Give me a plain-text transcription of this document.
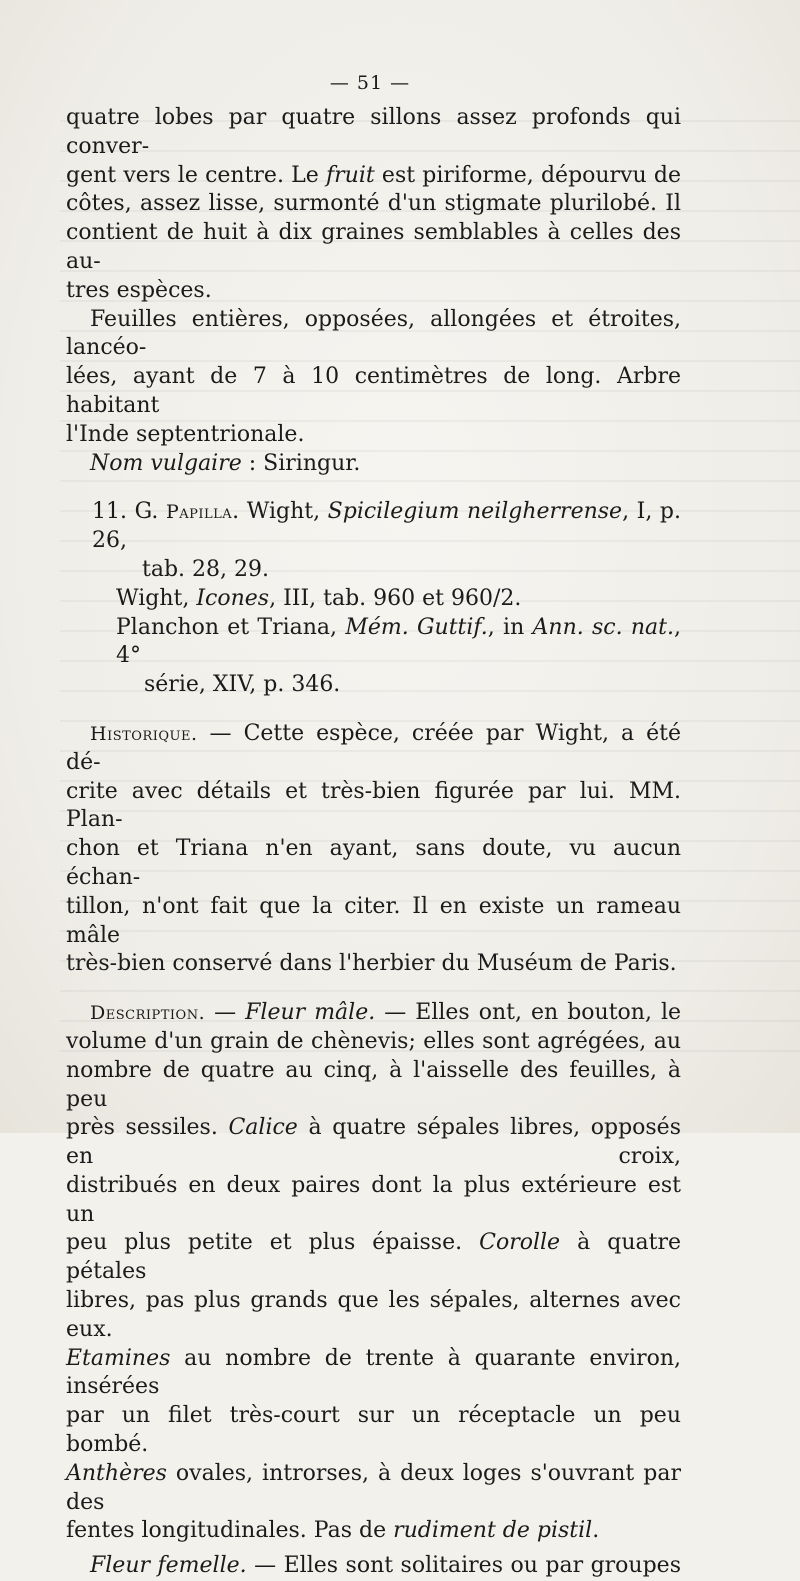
— 51 —

quatre lobes par quatre sillons assez profonds qui conver-

gent vers le centre. Le fruit est piriforme, dépourvu de

côtes, assez lisse, surmonté d'un stigmate plurilobé. Il

contient de huit à dix graines semblables à celles des au-

tres espèces.

Feuilles entières, opposées, allongées et étroites, lancéo-

lées, ayant de 7 à 10 centimètres de long. Arbre habitant

l'Inde septentrionale.

Nom vulgaire : Siringur.

11. G. Papilla. Wight, Spicilegium neilgherrense, I, p. 26,

tab. 28, 29.

Wight, Icones, III, tab. 960 et 960/2.

Planchon et Triana, Mém. Guttif., in Ann. sc. nat., 4°

série, XIV, p. 346.

Historique. — Cette espèce, créée par Wight, a été dé-

crite avec détails et très-bien figurée par lui. MM. Plan-

chon et Triana n'en ayant, sans doute, vu aucun échan-

tillon, n'ont fait que la citer. Il en existe un rameau mâle

très-bien conservé dans l'herbier du Muséum de Paris.

Description. — Fleur mâle. — Elles ont, en bouton, le

volume d'un grain de chènevis; elles sont agrégées, au

nombre de quatre au cinq, à l'aisselle des feuilles, à peu

près sessiles. Calice à quatre sépales libres, opposés en croix,

distribués en deux paires dont la plus extérieure est un

peu plus petite et plus épaisse. Corolle à quatre pétales

libres, pas plus grands que les sépales, alternes avec eux.

Etamines au nombre de trente à quarante environ, insérées

par un filet très-court sur un réceptacle un peu bombé.

Anthères ovales, introrses, à deux loges s'ouvrant par des

fentes longitudinales. Pas de rudiment de pistil.

Fleur femelle. — Elles sont solitaires ou par groupes
